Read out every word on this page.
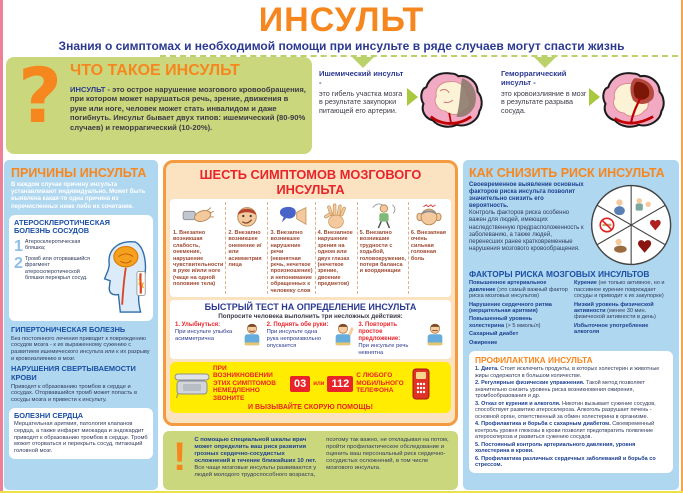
ИНСУЛЬТ
Знания о симптомах и необходимой помощи при инсульте в ряде случаев могут спасти жизнь
? ЧТО ТАКОЕ ИНСУЛЬТ
ИНСУЛЬТ - это острое нарушение мозгового кровообращения, при котором может нарушаться речь, зрение, движения в руке или ноге, человек может стать инвалидом и даже погибнуть. Инсульт бывает двух типов: ишемический (80-90% случаев) и геморрагический (10-20%).
Ишемический инсульт -
это гибель участка мозга в результате закупорки питающей его артерии.
Геморрагический инсульт -
это кровоизлияние в мозг в результате разрыва сосуда.
ПРИЧИНЫ ИНСУЛЬТА
В каждом случае причину инсульта устанавливают индивидуально. Может быть выявлена какая-то одна причина из перечисленных ниже либо их сочетание.
АТЕРОСКЛЕРОТИЧЕСКАЯ БОЛЕЗНЬ СОСУДОВ
1 Атеросклеротическая бляшка;
2 Тромб или оторвавшийся фрагмент атеросклеротической бляшки перекрыл сосуд.
ГИПЕРТОНИЧЕСКАЯ БОЛЕЗНЬ
Без постоянного лечения приводит к повреждению сосудов мозга - к их выраженному сужению с развитием ишемического инсульта или к их разрыву и кровоизлиянию в мозг.
НАРУШЕНИЯ СВЕРТЫВАЕМОСТИ КРОВИ
Приводят к образованию тромбов в сердце и сосудах. Оторвавшийся тромб может попасть в сосуды мозга и привести к инсульту.
БОЛЕЗНИ СЕРДЦА
Мерцательная аритмия, патология клапанов сердца, а также инфаркт миокарда и эндокардит приводят к образованию тромбов в сердце. Тромб может оторваться и перекрыть сосуд, питающий головной мозг.
ШЕСТЬ СИМПТОМОВ МОЗГОВОГО ИНСУЛЬТА
1. Внезапно возникшая слабость, онемение, нарушение чувствительности в руке и/или ноге (чаще на одной половине тела)
2. Внезапно возникшее онемение и/или асимметрия лица
3. Внезапно возникшее нарушение речи (невнятная речь, нечеткое произношение) и непонимание обращенных к человеку слов
4. Внезапное нарушение зрения на одном или двух глазах (нечеткое зрение, двоение предметов)
5. Внезапно возникшие трудности с ходьбой, головокружение, потеря баланса и координации
6. Внезапная очень сильная головная боль
БЫСТРЫЙ ТЕСТ НА ОПРЕДЕЛЕНИЕ ИНСУЛЬТА
Попросите человека выполнить три несложных действия:
1. Улыбнуться:
При инсульте улыбка асимметрична
2. Поднять обе руки:
При инсульте одна рука непроизвольно опускается
3. Повторить простое предложение:
При инсульте речь невнятна
ПРИ ВОЗНИКНОВЕНИИ ЭТИХ СИМПТОМОВ НЕМЕДЛЕННО ЗВОНИТЕ
03	или 112
С ЛЮБОГО МОБИЛЬНОГО ТЕЛЕФОНА
И ВЫЗЫВАЙТЕ СКОРУЮ ПОМОЩЬ!
!	С помощью специальной шкалы врач может определить ваш риск развития грозных сердечно-сосудистых осложнений в течение ближайших 10 лет. Все чаще мозговые инсульты развиваются у людей молодого трудоспособного возраста,
поэтому так важно, не откладывая на потом, пройти профилактическое обследование и оценить ваш персональный риск сердечно-сосудистых осложнений, в том числе мозгового инсульта.
КАК СНИЗИТЬ РИСК ИНСУЛЬТА
Своевременное выявление основных факторов риска инсульта позволит значительно снизить его вероятность.
Контроль факторов риска особенно важен для людей, имеющих наследственную предрасположенность к заболеванию, а также людей, перенесших ранее кратковременные нарушения мозгового кровообращения.
ФАКТОРЫ РИСКА МОЗГОВЫХ ИНСУЛЬТОВ
Повышенное артериальное давление (это самый важный фактор риска мозговых инсультов)
Нарушение сердечного ритма (мерцательная аритмия)
Повышенный уровень холестерина (> 5 ммоль/л)
Сахарный диабет
Ожирение
Курение (не только активное, но и пассивное курение повреждает сосуды и приводит к их закупорке)
Низкий уровень физической активности (менее 30 мин. физической активности в день)
Избыточное употребление алкоголя
ПРОФИЛАКТИКА ИНСУЛЬТА
1. Диета. Стоит исключить продукты, в которых холестерин и животные жиры содержатся в большом количестве.
2. Регулярные физические упражнения. Такой метод позволяет значительно снизить уровень риска возникновения ожирения, тромбообразования и др.
3. Отказ от курения и алкоголя. Никотин вызывает сужение сосудов, способствует развитию атеросклероза. Алкоголь разрушает печень - основной орган, ответственный за обмен холестерина в организме.
4. Профилактика и борьба с сахарным диабетом. Своевременный контроль уровня глюкозы в крови позволит предотвратить появление атеросклероза и развиться сужению сосудов.
5. Постоянный контроль артериального давления, уровня холестерина в крови.
6. Профилактика различных сердечных заболеваний и борьба со стрессом.
